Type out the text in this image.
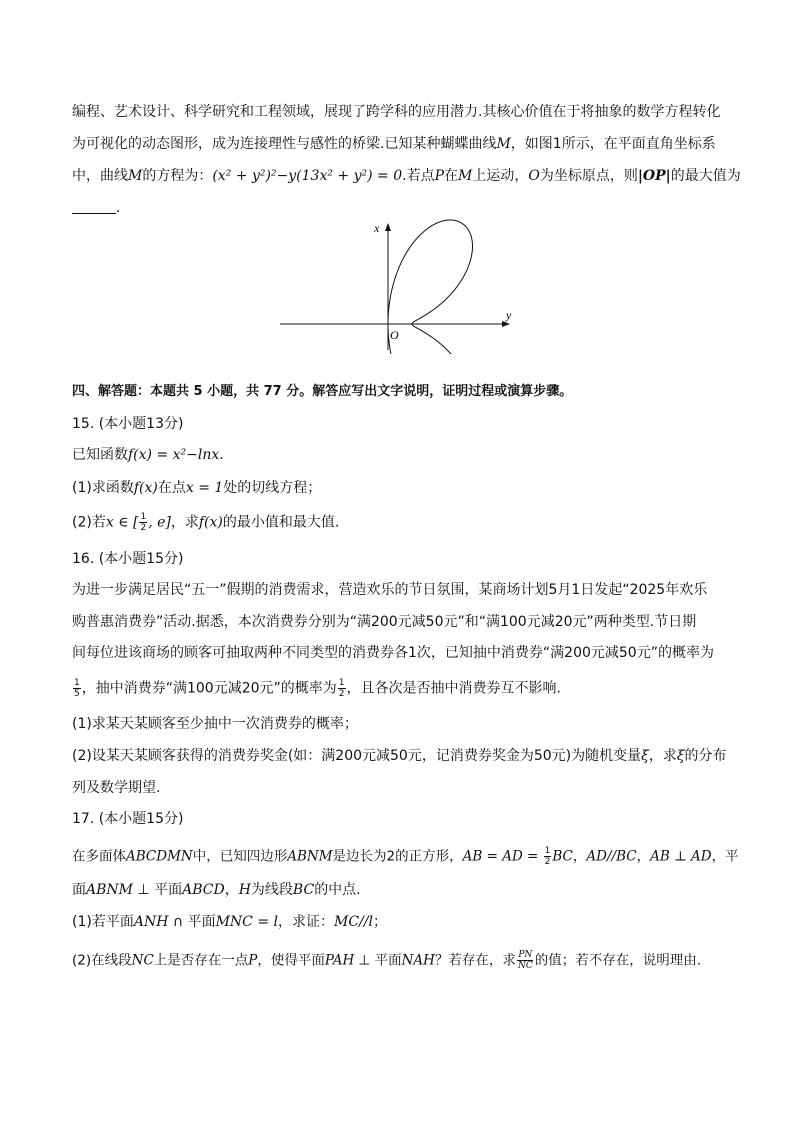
编程、艺术设计、科学研究和工程领域，展现了跨学科的应用潜力.其核心价值在于将抽象的数学方程转化
为可视化的动态图形，成为连接理性与感性的桥梁.已知某种蝴蝶曲线M，如图1所示，在平面直角坐标系
中，曲线M的方程为：(x² + y²)²−y(13x² + y²) = 0.若点P在M上运动，O为坐标原点，则|OP|的最大值为
.
x
y
O
四、解答题：本题共 5 小题，共 77 分。解答应写出文字说明，证明过程或演算步骤。
15. (本小题13分)
已知函数f(x) = x²−lnx.
(1)求函数f(x)在点x = 1处的切线方程；
(2)若x ∈ [ $\frac{1}{2}$ , e]，求f(x)的最小值和最大值.
16. (本小题15分)
为进一步满足居民“五一”假期的消费需求，营造欢乐的节日氛围，某商场计划5月1日发起“2025年欢乐
购普惠消费券”活动.据悉，本次消费券分别为“满200元减50元”和“满100元减20元”两种类型.节日期
间每位进该商场的顾客可抽取两种不同类型的消费券各1次，已知抽中消费券“满200元减50元”的概率为
$\frac{1}{5}$ ，抽中消费券“满100元减20元”的概率为 $\frac{1}{2}$ ，且各次是否抽中消费券互不影响.
(1)求某天某顾客至少抽中一次消费券的概率；
(2)设某天某顾客获得的消费券奖金(如：满200元减50元，记消费券奖金为50元)为随机变量ξ，求ξ的分布
列及数学期望.
17. (本小题15分)
在多面体ABCDMN中，已知四边形ABNM是边长为2的正方形，AB = AD = $\frac{1}{2}$ BC，AD//BC，AB ⊥ AD，平
面ABNM ⊥ 平面ABCD，H为线段BC的中点.
(1)若平面ANH ∩ 平面MNC = l，求证：MC//l；
(2)在线段NC上是否存在一点P，使得平面PAH ⊥ 平面NAH？若存在，求 $\frac{PN}{NC}$ 的值；若不存在，说明理由.
